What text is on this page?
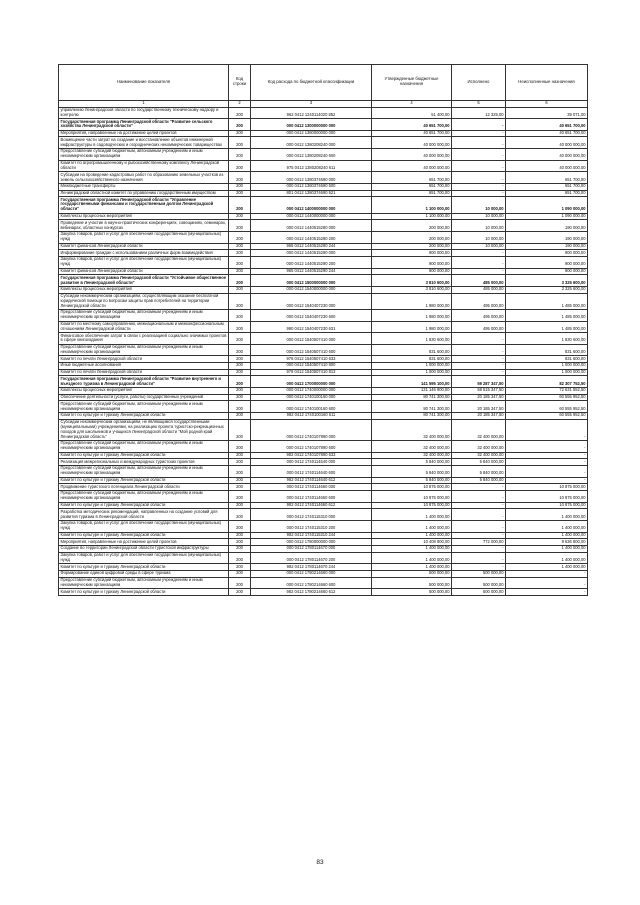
Наименование показателя	Код строки	Код расхода по бюджетной классификации	Утвержденные бюджетные назначения	Исполнено	Неисполненные назначения
1	2	3	4	5	6
управлению Ленинградской области по государственному техническому надзору и контролю	200	962 0412 1240114020 852	51 400,00	12 329,00	39 071,00
Государственная программа Ленинградской области "Развитие сельского хозяйства Ленинградской области"	200	000 0412 1300000000 000	40 651 700,00	-	40 651 700,00
Мероприятия, направленные на достижение целей проектов	200	000 0412 1380000000 000	40 651 700,00	-	40 651 700,00
Возмещение части затрат на создание и восстановление объектов инженерной инфраструктуры в садоводческих и огороднических некоммерческих товариществах	200	000 0412 1380208240 000	40 000 000,00	-	40 000 000,00
Предоставление субсидий бюджетным, автономным учреждениям и иным некоммерческим организациям	200	000 0412 1380208240 600	40 000 000,00	-	40 000 000,00
Комитет по агропромышленному и рыбохозяйственному комплексу Ленинградской области	200	975 0412 1380208240 611	40 000 000,00	-	40 000 000,00
Субсидии на проведение кадастровых работ по образованию земельных участков из земель сельскохозяйственного назначения	200	000 0412 1380374690 000	651 700,00	-	651 700,00
Межбюджетные трансферты	200	000 0412 1380374690 500	651 700,00	-	651 700,00
Ленинградский областной комитет по управлению государственным имуществом	200	801 0412 1380374690 521	651 700,00	-	651 700,00
Государственная программа Ленинградской области "Управление государственными финансами и государственным долгом Ленинградской области"	200	000 0412 1400000000 000	1 100 000,00	10 000,00	1 090 000,00
Комплексы процессных мероприятий	200	000 0412 1440000000 000	1 100 000,00	10 000,00	1 090 000,00
Проведение и участие в научно-практических конференциях, совещаниях, семинарах, вебинарах, областных конкурсах	200	000 0412 1440515280 000	200 000,00	10 000,00	190 000,00
Закупка товаров, работ и услуг для обеспечения государственных (муниципальных) нужд	200	000 0412 1440515280 200	200 000,00	10 000,00	190 000,00
Комитет финансов Ленинградской области	200	965 0412 1440515280 244	200 000,00	10 000,00	190 000,00
Информирование граждан с использованием различных форм взаимодействия	200	000 0412 1440515290 000	900 000,00	-	900 000,00
Закупка товаров, работ и услуг для обеспечения государственных (муниципальных) нужд	200	000 0412 1440515290 200	900 000,00	-	900 000,00
Комитет финансов Ленинградской области	200	965 0412 1440515290 244	900 000,00	-	900 000,00
Государственная программа Ленинградской области "Устойчивое общественное развитие в Ленинградской области"	200	000 0412 1500000000 000	3 810 600,00	485 000,00	3 325 600,00
Комплексы процессных мероприятий	200	000 0412 1540000000 000	3 810 600,00	485 000,00	3 325 600,00
Субсидии некоммерческим организациям, осуществляющим оказание бесплатной юридической помощи по вопросам защиты прав потребителей на территории Ленинградской области	200	000 0412 1540407230 000	1 980 000,00	495 000,00	1 485 000,00
Предоставление субсидий бюджетным, автономным учреждениям и иным некоммерческим организациям	200	000 0412 1540407230 600	1 980 000,00	495 000,00	1 485 000,00
Комитет по местному самоуправлению, межнациональным и межконфессиональным отношениям Ленинградской области	200	990 0412 1540407230 631	1 980 000,00	495 000,00	1 485 000,00
Финансовое обеспечение затрат в связи с реализацией социально значимых проектов в сфере книгоиздания	200	000 0412 1540507410 000	1 830 600,00	-	1 830 600,00
Предоставление субсидий бюджетным, автономным учреждениям и иным некоммерческим организациям	200	000 0412 1540507410 600	831 600,00	-	831 600,00
Комитет по печати Ленинградской области	200	978 0412 1540507410 633	831 600,00	-	831 600,00
Иные бюджетные ассигнования	200	000 0412 1540507410 800	1 000 000,00	-	1 000 000,00
Комитет по печати Ленинградской области	200	978 0412 1540507410 813	1 000 000,00	-	1 000 000,00
Государственная программа Ленинградской области "Развитие внутреннего и въездного туризма в Ленинградской области"	200	000 0412 1700000000 000	141 595 100,00	59 287 347,50	82 307 752,50
Комплексы процессных мероприятий	200	000 0412 1740000000 000	131 146 900,00	58 515 347,50	72 631 552,50
Обеспечение деятельности (услуги, работы) государственных учреждений	200	000 0412 1740100160 000	80 741 300,00	20 185 347,50	60 555 952,50
Предоставление субсидий бюджетным, автономным учреждениям и иным некоммерческим организациям	200	000 0412 1740100160 600	80 741 300,00	20 185 347,50	60 555 952,50
Комитет по культуре и туризму Ленинградской области	200	982 0412 1740100160 611	80 741 300,00	20 185 347,50	60 555 952,50
Субсидии некоммерческим организациям, не являющимся государственными (муниципальными) учреждениями, на реализацию проекта туристско-рекреационных походов для школьников и учащихся Ленинградской области "Мой родной край Ленинградская область"	200	000 0412 1740107890 000	32 400 000,00	32 400 000,00	-
Предоставление субсидий бюджетным, автономным учреждениям и иным некоммерческим организациям	200	000 0412 1740107890 600	32 400 000,00	32 400 000,00	-
Комитет по культуре и туризму Ленинградской области	200	982 0412 1740107890 633	32 400 000,00	32 400 000,00	-
Реализация межрегиональных и международных туристских проектов	200	000 0412 1740114640 000	5 840 000,00	5 840 000,00	-
Предоставление субсидий бюджетным, автономным учреждениям и иным некоммерческим организациям	200	000 0412 1740114640 600	5 840 000,00	5 840 000,00	-
Комитет по культуре и туризму Ленинградской области	200	982 0412 1740114640 612	5 840 000,00	5 840 000,00	-
Продвижение туристского потенциала Ленинградской области	200	000 0412 1740114660 000	10 875 000,00	-	10 875 000,00
Предоставление субсидий бюджетным, автономным учреждениям и иным некоммерческим организациям	200	000 0412 1740114660 600	10 875 000,00	-	10 875 000,00
Комитет по культуре и туризму Ленинградской области	200	982 0412 1740114660 612	10 875 000,00	-	10 875 000,00
Разработка методических рекомендаций, направленных на создание условий для развития туризма в Ленинградской области	200	000 0412 1740115310 000	1 400 000,00	-	1 400 000,00
Закупка товаров, работ и услуг для обеспечения государственных (муниципальных) нужд	200	000 0412 1740115310 200	1 400 000,00	-	1 400 000,00
Комитет по культуре и туризму Ленинградской области	200	982 0412 1740115310 244	1 400 000,00	-	1 400 000,00
Мероприятия, направленные на достижение целей проектов	200	000 0412 1780000000 000	10 408 800,00	772 000,00	9 636 800,00
Создание во территории Ленинградской области туристской инфраструктуры	200	000 0412 1780114670 000	1 400 000,00	-	1 400 000,00
Закупка товаров, работ и услуг для обеспечения государственных (муниципальных) нужд	200	000 0412 1780114670 200	1 400 000,00	-	1 400 000,00
Комитет по культуре и туризму Ленинградской области	200	982 0412 1780114670 244	1 400 000,00	-	1 400 000,00
Формирование единой цифровой среды в сфере туризма	200	000 0412 1780214660 000	500 000,00	500 000,00	-
Предоставление субсидий бюджетным, автономным учреждениям и иным некоммерческим организациям	200	000 0412 1780214660 600	500 000,00	500 000,00	-
Комитет по культуре и туризму Ленинградской области	200	982 0412 1780214660 612	500 000,00	500 000,00	-
83
